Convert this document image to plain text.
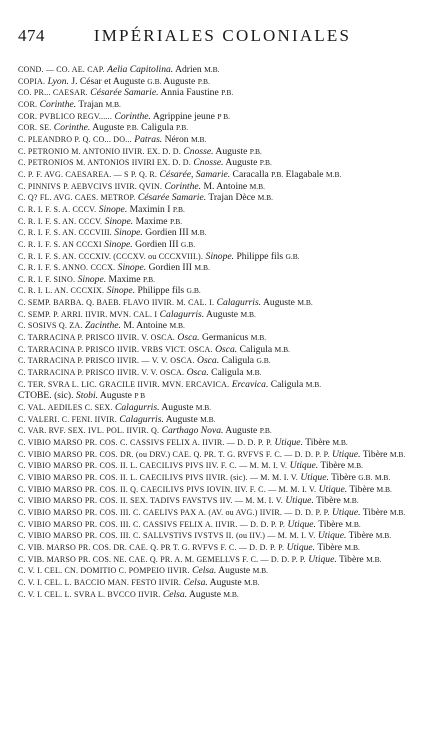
474	IMPÉRIALES COLONIALES
COND. — CO. AE. CAP. Aelia Capitolina. Adrien M.B.
COPIA. Lyon. J. César et Auguste G.B. Auguste P.B.
CO. PR... CAESAR. Césarée Samarie. Annia Faustine P.B.
COR. Corinthe. Trajan M.B.
COR. PVBLICO REGV...... Corinthe. Agrippine jeune P B.
COR. SE. Corinthe. Auguste P.B. Caligula P.B.
C. PLEANDRO P. Q. CO... DO... Patras. Néron M.B.
C. PETRONIO M. ANTONIO IIVIR. EX. D. D. Cnosse. Auguste P.B.
C. PETRONIOS M. ANTONIOS IIVIRI EX. D. D. Cnosse. Auguste P.B.
C. P. F. AVG. CAESAREA. — S P. Q. R. Césarée, Samarie. Caracalla P.B. Elagabale M.B.
C. PINNIVS P. AEBVCIVS IIVIR. QVIN. Corinthe. M. Antoine M.B.
C. Q? FL. AVG. CAES. METROP. Césarée Samarie. Trajan Dèce M.B.
C. R. I. F. S. A. CCCV. Sinope. Maximin I P.B.
C. R. I. F. S. AN. CCCV. Sinope. Maxime P.B.
C. R. I. F. S. AN. CCCVIII. Sinope. Gordien III M.B.
C. R. I. F. S. AN CCCXI Sinope. Gordien III G.B.
C. R. I. F. S. AN. CCCXIV. (CCCXV. ou CCCXVIII.). Sinope. Philippe fils G.B.
C. R. I. F. S. ANNO. CCCX. Sinope. Gordien III M.B.
C. R. I. F. SINO. Sinope. Maxime P.B.
C. R. I. L. AN. CCCXIX. Sinope. Philippe fils G.B.
C. SEMP. BARBA. Q. BAEB. FLAVO IIVIR. M. CAL. I. Calagurris. Auguste M.B.
C. SEMP. P. ARRI. IIVIR. MVN. CAL. I Calagurris. Auguste M.B.
C. SOSIVS Q. ZA. Zacinthe. M. Antoine M.B.
C. TARRACINA P. PRISCO IIVIR. V. OSCA. Osca. Germanicus M.B.
C. TARRACINA P. PRISCO IIVIR. VRBS VICT. OSCA. Osca. Caligula M.B.
C. TARRACINA P. PRISCO IIVIR. — V. V. OSCA. Osca. Caligula G.B.
C. TARRACINA P. PRISCO IIVIR. V. V. OSCA. Osca. Caligula M.B.
C. TER. SVRA L. LIC. GRACILE IIVIR. MVN. ERCAVICA. Ercavica. Caligula M.B.
CTOBE. (sic). Stobi. Auguste P B
C. VAL. AEDILES C. SEX. Calagurris. Auguste M.B.
C. VALERI. C. FENI. IIVIR. Calagurris. Auguste M.B.
C. VAR. RVF. SEX. IVL. POL. IIVIR. Q. Carthago Nova. Auguste P.B.
C. VIBIO MARSO PR. COS. C. CASSIVS FELIX A. IIVIR. — D. D. P. P. Utique. Tibère M.B.
C. VIBIO MARSO PR. COS. DR. (ou DRV.) CAE. Q. PR. T. G. RVFVS F. C. — D. D. P. P. Utique. Tibère M.B.
C. VIBIO MARSO PR. COS. II. L. CAECILIVS PIVS IIV. F. C. — M. M. I. V. Utique. Tibère M.B.
C. VIBIO MARSO PR. COS. II. L. CAECILIVS PIVS IIVIR. (sic). — M. M. I. V. Utique. Tibère G.B. M.B.
C. VIBIO MARSO PR. COS. II. Q. CAECILIVS PIVS IOVIN. IIV. F. C. — M. M. I. V. Utique. Tibère M.B.
C. VIBIO MARSO PR. COS. II. SEX. TADIVS FAVSTVS IIV. — M. M. I. V. Utique. Tibère M.B.
C. VIBIO MARSO PR. COS. III. C. CAELIVS PAX A. (AV. ou AVG.) IIVIR. — D. D. P. P. Utique. Tibère M.B.
C. VIBIO MARSO PR. COS. III. C. CASSIVS FELIX A. IIVIR. — D. D. P. P. Utique. Tibère M.B.
C. VIBIO MARSO PR. COS. III. C. SALLVSTIVS IVSTVS II. (ou IIV.) — M. M. I. V. Utique. Tibère M.B.
C. VIB. MARSO PR. COS. DR. CAE. Q. PR T. G. RVFVS F. C. — D. D. P. P. Utique. Tibère M.B.
C. VIB. MARSO PR. COS. NE. CAE. Q. PR. A. M. GEMELLVS F. C. — D. D. P. P. Utique. Tibère M.B.
C. V. I. CEL. CN. DOMITIO C. POMPEIO IIVIR. Celsa. Auguste M.B.
C. V. I. CEL. L. BACCIO MAN. FESTO IIVIR. Celsa. Auguste M.B.
C. V. I. CEL. L. SVRA L. BVCCO IIVIR. Celsa. Auguste M.B.
